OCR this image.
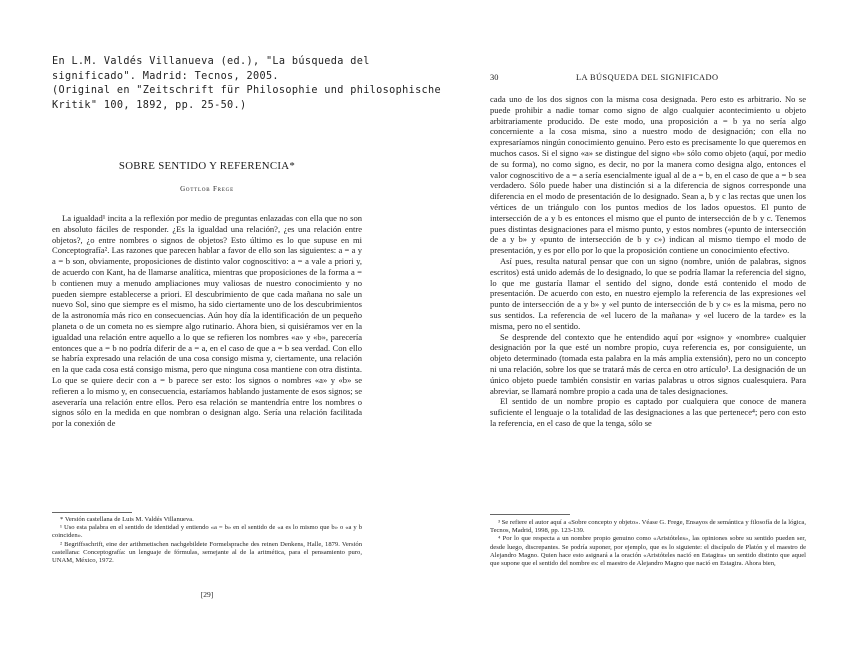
En L.M. Valdés Villanueva (ed.), "La búsqueda del
significado". Madrid: Tecnos, 2005.
(Original en "Zeitschrift für Philosophie und philosophische
Kritik" 100, 1892, pp. 25-50.)
SOBRE SENTIDO Y REFERENCIA*
Gottlob Frege

La igualdad¹ incita a la reflexión por medio de preguntas enlazadas con ella que no son en absoluto fáciles de responder. ¿Es la igualdad una relación?, ¿es una relación entre objetos?, ¿o entre nombres o signos de objetos? Esto último es lo que supuse en mi Conceptografía². Las razones que parecen hablar a favor de ello son las siguientes: a = a y a = b son, obviamente, proposiciones de distinto valor cognoscitivo: a = a vale a priori y, de acuerdo con Kant, ha de llamarse analítica, mientras que proposiciones de la forma a = b contienen muy a menudo ampliaciones muy valiosas de nuestro conocimiento y no pueden siempre establecerse a priori. El descubrimiento de que cada mañana no sale un nuevo Sol, sino que siempre es el mismo, ha sido ciertamente uno de los descubrimientos de la astronomía más rico en consecuencias. Aún hoy día la identificación de un pequeño planeta o de un cometa no es siempre algo rutinario. Ahora bien, si quisiéramos ver en la igualdad una relación entre aquello a lo que se refieren los nombres «a» y «b», parecería entonces que a = b no podría diferir de a = a, en el caso de que a = b sea verdad. Con ello se habría expresado una relación de una cosa consigo misma y, ciertamente, una relación en la que cada cosa está consigo misma, pero que ninguna cosa mantiene con otra distinta. Lo que se quiere decir con a = b parece ser esto: los signos o nombres «a» y «b» se refieren a lo mismo y, en consecuencia, estaríamos hablando justamente de esos signos; se aseveraría una relación entre ellos. Pero esa relación se mantendría entre los nombres o signos sólo en la medida en que nombran o designan algo. Sería una relación facilitada por la conexión de

* Versión castellana de Luis M. Valdés Villanueva.

¹ Uso esta palabra en el sentido de identidad y entiendo «a = b» en el sentido de «a es lo mismo que b» o «a y b coinciden».

² Begriffsschrift, eine der arithmetischen nachgebildete Formelsprache des reinen Denkens, Halle, 1879. Versión castellana: Conceptografía: un lenguaje de fórmulas, semejante al de la aritmética, para el pensamiento puro, UNAM, México, 1972.

[29]
30	LA BÚSQUEDA DEL SIGNIFICADO

cada uno de los dos signos con la misma cosa designada. Pero esto es arbitrario. No se puede prohibir a nadie tomar como signo de algo cualquier acontecimiento u objeto arbitrariamente producido. De este modo, una proposición a = b ya no sería algo concerniente a la cosa misma, sino a nuestro modo de designación; con ella no expresaríamos ningún conocimiento genuino. Pero esto es precisamente lo que queremos en muchos casos. Si el signo «a» se distingue del signo «b» sólo como objeto (aquí, por medio de su forma), no como signo, es decir, no por la manera como designa algo, entonces el valor cognoscitivo de a = a sería esencialmente igual al de a = b, en el caso de que a = b sea verdadero. Sólo puede haber una distinción si a la diferencia de signos corresponde una diferencia en el modo de presentación de lo designado. Sean a, b y c las rectas que unen los vértices de un triángulo con los puntos medios de los lados opuestos. El punto de intersección de a y b es entonces el mismo que el punto de intersección de b y c. Tenemos pues distintas designaciones para el mismo punto, y estos nombres («punto de intersección de a y b» y «punto de intersección de b y c») indican al mismo tiempo el modo de presentación, y es por ello por lo que la proposición contiene un conocimiento efectivo.

Así pues, resulta natural pensar que con un signo (nombre, unión de palabras, signos escritos) está unido además de lo designado, lo que se podría llamar la referencia del signo, lo que me gustaría llamar el sentido del signo, donde está contenido el modo de presentación. De acuerdo con esto, en nuestro ejemplo la referencia de las expresiones «el punto de intersección de a y b» y «el punto de intersección de b y c» es la misma, pero no sus sentidos. La referencia de «el lucero de la mañana» y «el lucero de la tarde» es la misma, pero no el sentido.

Se desprende del contexto que he entendido aquí por «signo» y «nombre» cualquier designación por la que esté un nombre propio, cuya referencia es, por consiguiente, un objeto determinado (tomada esta palabra en la más amplia extensión), pero no un concepto ni una relación, sobre los que se tratará más de cerca en otro artículo³. La designación de un único objeto puede también consistir en varias palabras u otros signos cualesquiera. Para abreviar, se llamará nombre propio a cada una de tales designaciones.

El sentido de un nombre propio es captado por cualquiera que conoce de manera suficiente el lenguaje o la totalidad de las designaciones a las que pertenece⁴; pero con esto la referencia, en el caso de que la tenga, sólo se

³ Se refiere el autor aquí a «Sobre concepto y objeto». Véase G. Frege, Ensayos de semántica y filosofía de la lógica, Tecnos, Madrid, 1998, pp. 123-139.

⁴ Por lo que respecta a un nombre propio genuino como «Aristóteles», las opiniones sobre su sentido pueden ser, desde luego, discrepantes. Se podría suponer, por ejemplo, que es lo siguiente: el discípulo de Platón y el maestro de Alejandro Magno. Quien hace esto asignará a la oración «Aristóteles nació en Estagira» un sentido distinto que aquel que supone que el sentido del nombre es: el maestro de Alejandro Magno que nació en Estagira. Ahora bien,
